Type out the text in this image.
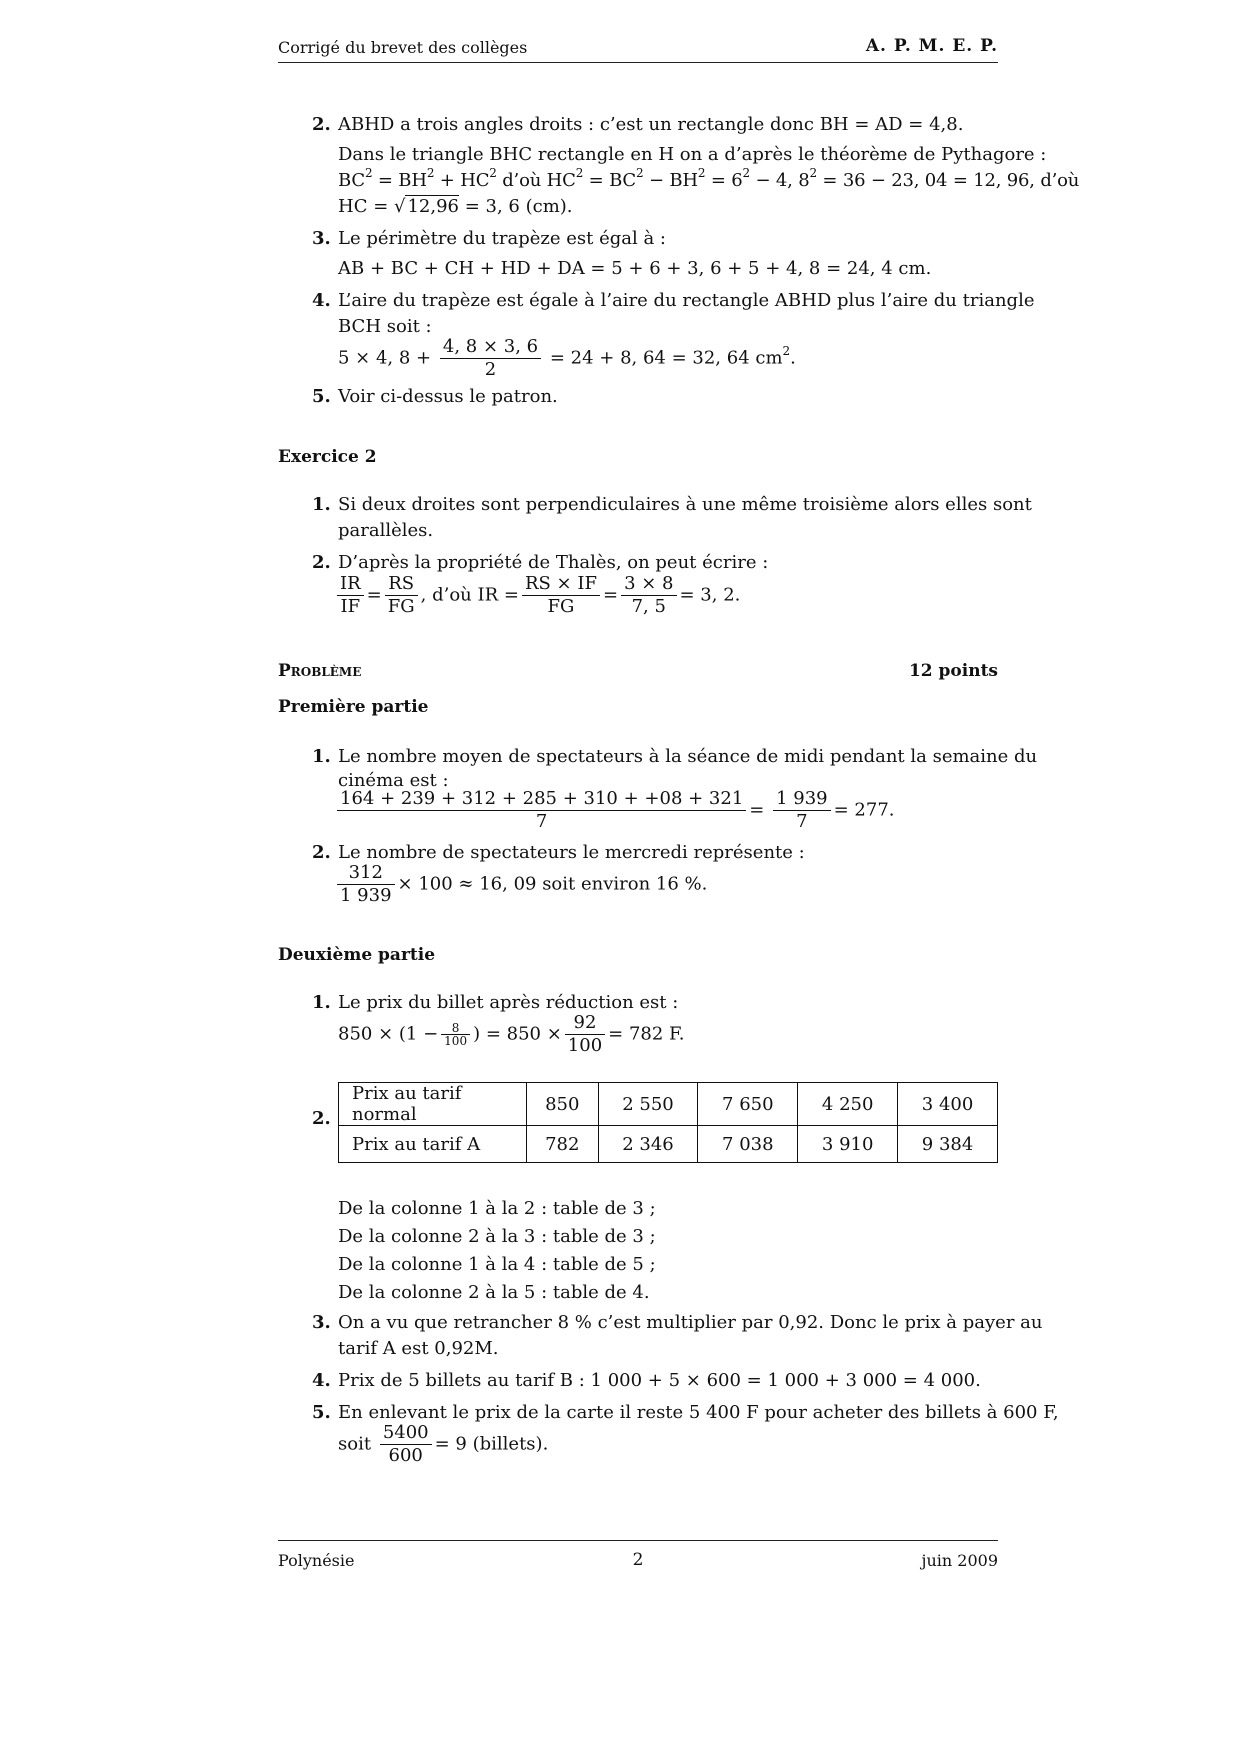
Corrigé du brevet des collèges	A. P. M. E. P.
2. ABHD a trois angles droits : c’est un rectangle donc BH = AD = 4,8.
Dans le triangle BHC rectangle en H on a d’après le théorème de Pythagore :
$BC^2 = BH^2 + HC^2$ d’où $HC^2 = BC^2 - BH^2 = 6^2 - 4$, $8^2 = 36 - 23$, 04 = 12, 96, d’où
HC = √ 12,96 = 3, 6 (cm).
3. Le périmètre du trapèze est égal à :
AB + BC + CH + HD + DA = 5 + 6 + 3, 6 + 5 + 4, 8 = 24, 4 cm.
4. L’aire du trapèze est égale à l’aire du rectangle ABHD plus l’aire du triangle
BCH soit :
5 × 4, $8 + \frac{4, 8 \times 3, 6}{2} = 24 + 8$, 64 = 32, 64 $cm^2$.
5. Voir ci-dessus le patron.
Exercice 2
1. Si deux droites sont perpendiculaires à une même troisième alors elles sont
parallèles.
2. D’après la propriété de Thalès, on peut écrire :
$\frac{IR}{IF} = \frac{RS}{FG}$ , d’où IR = $\frac{RS \times IF}{FG} = \frac{3 \times 8}{7, 5} = 3$, 2.
Problème	12 points
Première partie
1. Le nombre moyen de spectateurs à la séance de midi pendant la semaine du
cinéma est :
$\frac{164 + 239 + 312 + 285 + 310 + +08 + 321}{7} = \frac{1 939}{7} = 277$.
2. Le nombre de spectateurs le mercredi représente :
$\frac{312}{1 939} \times 100 \approx 16$, 09 soit environ 16 %.
Deuxième partie
1. Le prix du billet après réduction est :
$850 \times (1 - \frac{8}{100}$ ) = $850 \times \frac{92}{100} = 782$ F.
2.
Prix au tarif normal	850	2 550	7 650	4 250	3 400
Prix au tarif A	782	2 346	7 038	3 910	9 384
De la colonne 1 à la 2 : table de 3 ;
De la colonne 2 à la 3 : table de 3 ;
De la colonne 1 à la 4 : table de 5 ;
De la colonne 2 à la 5 : table de 4.
3. On a vu que retrancher 8 % c’est multiplier par 0,92. Donc le prix à payer au
tarif A est 0,92M.
4. Prix de 5 billets au tarif B : 1 000 + 5 × 600 = 1 000 + 3 000 = 4 000.
5. En enlevant le prix de la carte il reste 5 400 F pour acheter des billets à 600 F,
soit $\frac{5400}{600} = 9$ (billets).
Polynésie	2	juin 2009
